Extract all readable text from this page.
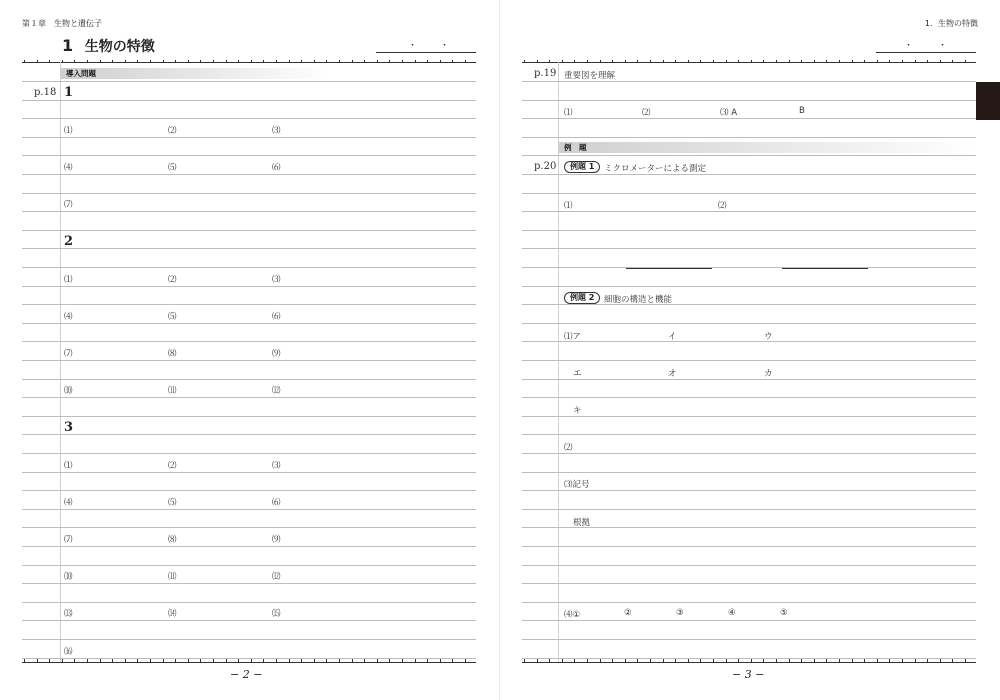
第１章　生物と遺伝子
1 生物の特徴	・	・
導入問題
p.18 1
⑴	⑵	⑶
⑷	⑸	⑹
⑺
2
⑴	⑵	⑶
⑷	⑸	⑹
⑺	⑻	⑼
⑽	⑾	⑿
3
⑴	⑵	⑶
⑷	⑸	⑹
⑺	⑻	⑼
⑽	⑾	⑿
⒀	⒁	⒂
⒃
− 2 −
1．生物の特徴
・	・
p.19 重要図を理解
⑴	⑵	⑶ A	B
例　題
p.20	例題 1	ミクロメーターによる測定
⑴	⑵
例題 2	細胞の構造と機能
⑴ア	イ	ウ
エ	オ	カ
キ
⑵
⑶記号
根拠
⑷①	②	③	④	⑤
− 3 −
